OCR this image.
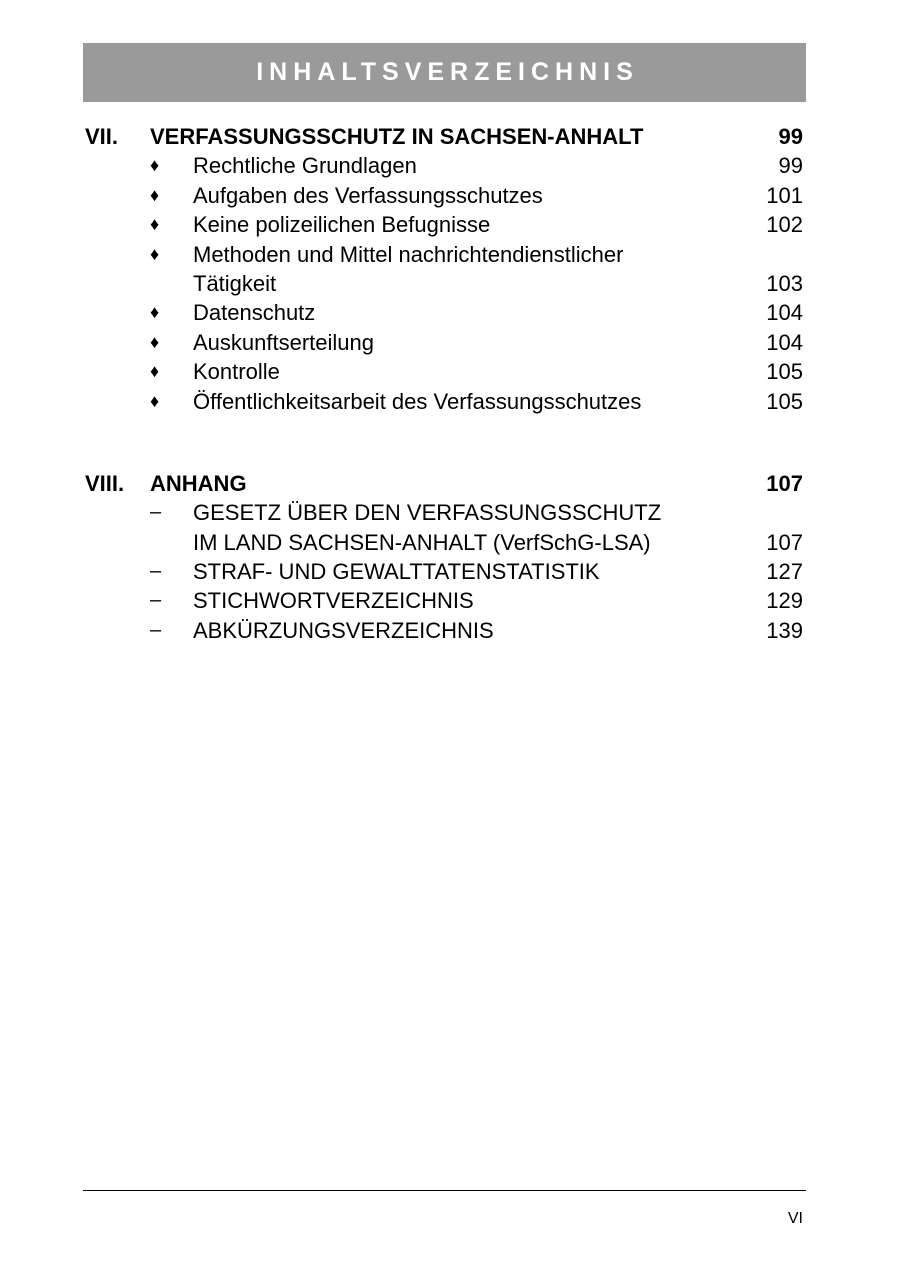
INHALTSVERZEICHNIS
VII. VERFASSUNGSSCHUTZ IN SACHSEN-ANHALT	99
♦	Rechtliche Grundlagen	99
♦	Aufgaben des Verfassungsschutzes	101
♦	Keine polizeilichen Befugnisse	102
♦	Methoden und Mittel nachrichtendienstlicher
Tätigkeit	103
♦	Datenschutz	104
♦	Auskunftserteilung	104
♦	Kontrolle	105
♦	Öffentlichkeitsarbeit des Verfassungsschutzes	105
VIII. ANHANG	107
–	GESETZ ÜBER DEN VERFASSUNGSSCHUTZ
IM LAND SACHSEN-ANHALT (VerfSchG-LSA)	107
–	STRAF- UND GEWALTTATENSTATISTIK	127
–	STICHWORTVERZEICHNIS	129
–	ABKÜRZUNGSVERZEICHNIS	139
VI
